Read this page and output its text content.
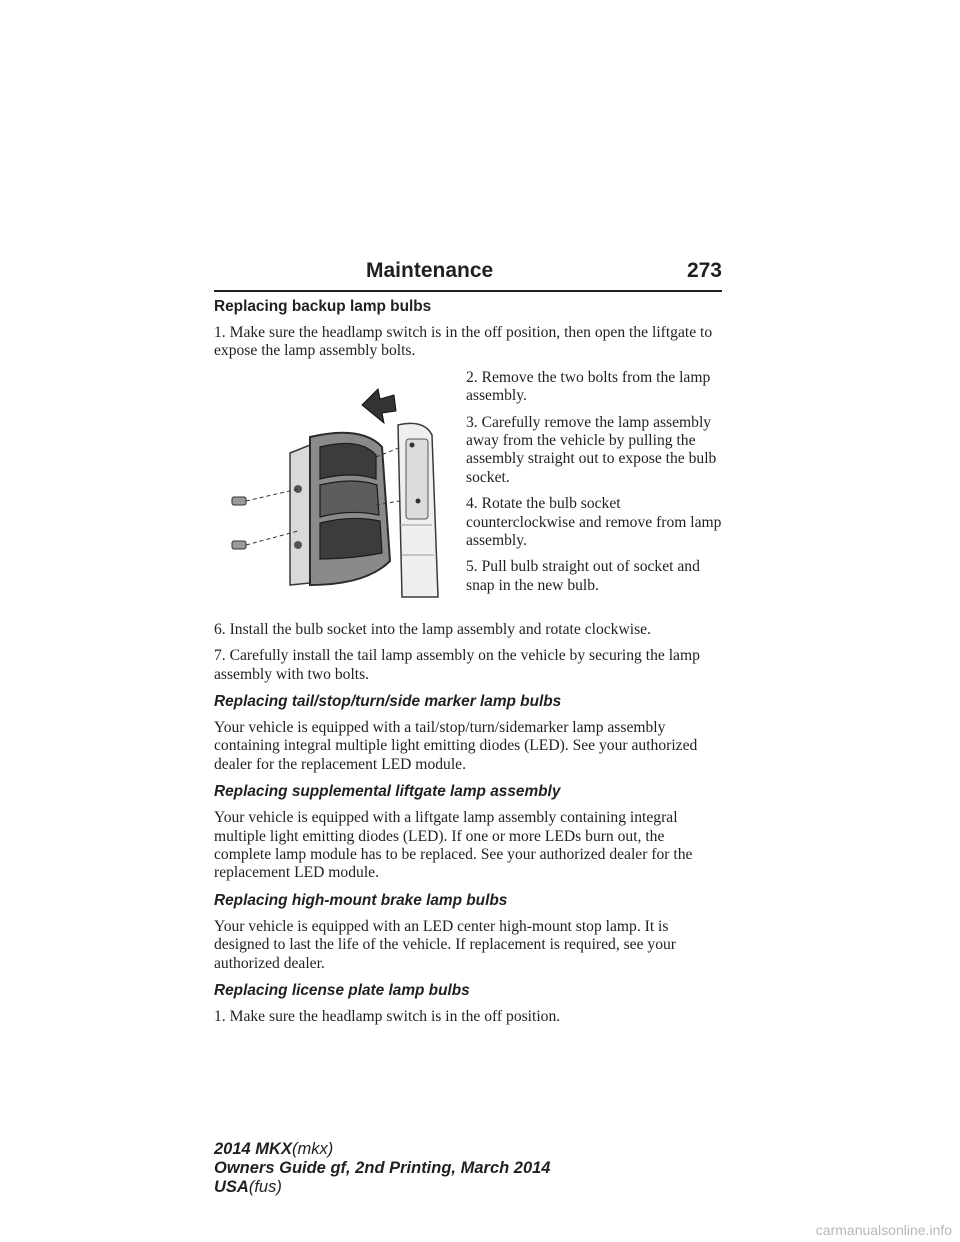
Maintenance	273
Replacing backup lamp bulbs

1. Make sure the headlamp switch is in the off position, then open the liftgate to expose the lamp assembly bolts.

2. Remove the two bolts from the lamp assembly.

3. Carefully remove the lamp assembly away from the vehicle by pulling the assembly straight out to expose the bulb socket.

4. Rotate the bulb socket counterclockwise and remove from lamp assembly.

5. Pull bulb straight out of socket and snap in the new bulb.

6. Install the bulb socket into the lamp assembly and rotate clockwise.

7. Carefully install the tail lamp assembly on the vehicle by securing the lamp assembly with two bolts.

Replacing tail/stop/turn/side marker lamp bulbs

Your vehicle is equipped with a tail/stop/turn/sidemarker lamp assembly containing integral multiple light emitting diodes (LED). See your authorized dealer for the replacement LED module.

Replacing supplemental liftgate lamp assembly

Your vehicle is equipped with a liftgate lamp assembly containing integral multiple light emitting diodes (LED). If one or more LEDs burn out, the complete lamp module has to be replaced. See your authorized dealer for the replacement LED module.

Replacing high-mount brake lamp bulbs

Your vehicle is equipped with an LED center high-mount stop lamp. It is designed to last the life of the vehicle. If replacement is required, see your authorized dealer.

Replacing license plate lamp bulbs

1. Make sure the headlamp switch is in the off position.

2014 MKX(mkx)
Owners Guide gf, 2nd Printing, March 2014
USA(fus)
carmanualsonline.info
